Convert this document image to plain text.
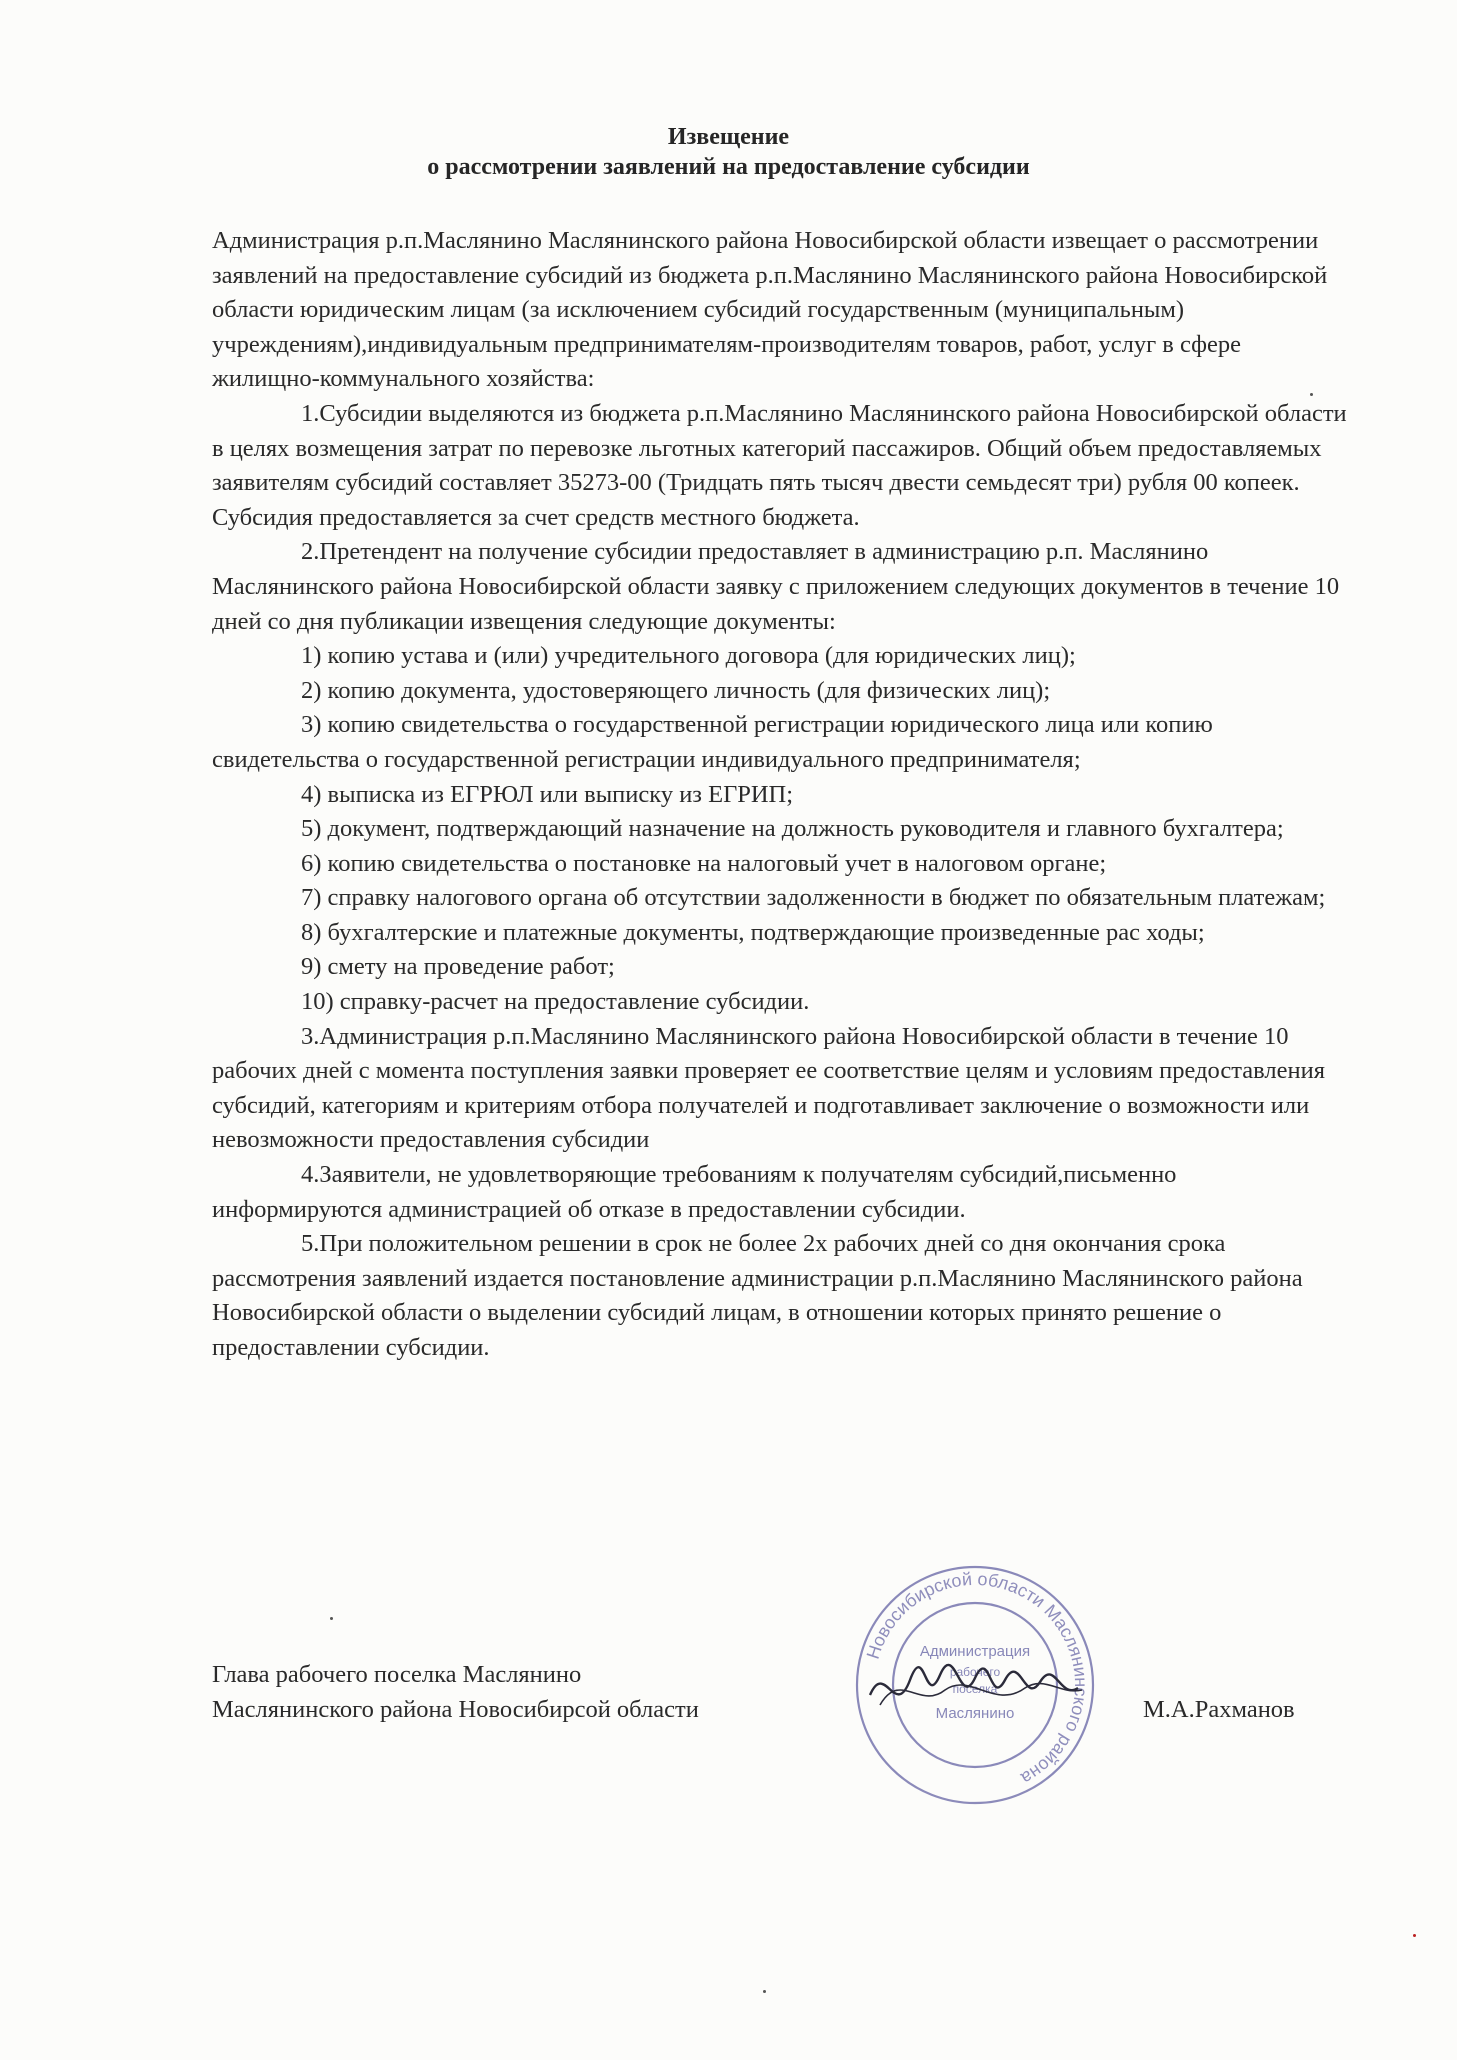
Извещение
о рассмотрении заявлений на предоставление субсидии

Администрация р.п.Маслянино Маслянинского района Новосибирской области извещает о рассмотрении заявлений на предоставление субсидий из бюджета р.п.Маслянино Маслянинского района Новосибирской области юридическим лицам (за исключением субсидий государственным (муниципальным) учреждениям),индивидуальным предпринимателям-производителям товаров, работ, услуг в сфере жилищно-коммунального хозяйства:

1.Субсидии выделяются из бюджета р.п.Маслянино Маслянинского района Новосибирской области в целях возмещения затрат по перевозке льготных категорий пассажиров. Общий объем предоставляемых заявителям субсидий составляет 35273-00 (Тридцать пять тысяч двести семьдесят три) рубля 00 копеек. Субсидия предоставляется за счет средств местного бюджета.

2.Претендент на получение субсидии предоставляет в администрацию р.п. Маслянино Маслянинского района Новосибирской области заявку с приложением следующих документов в течение 10 дней со дня публикации извещения следующие документы:

1) копию устава и (или) учредительного договора (для юридических лиц);

2) копию документа, удостоверяющего личность (для физических лиц);

3) копию свидетельства о государственной регистрации юридического лица или копию свидетельства о государственной регистрации индивидуального предпринимателя;

4) выписка из ЕГРЮЛ или выписку из ЕГРИП;

5) документ, подтверждающий назначение на должность руководителя и главного бухгалтера;

6) копию свидетельства о постановке на налоговый учет в налоговом органе;

7) справку налогового органа об отсутствии задолженности в бюджет по обязательным платежам;

8) бухгалтерские и платежные документы, подтверждающие произведенные рас ходы;

9) смету на проведение работ;

10) справку-расчет на предоставление субсидии.

3.Администрация р.п.Маслянино Маслянинского района Новосибирской области в течение 10 рабочих дней с момента поступления заявки проверяет ее соответствие целям и условиям предоставления субсидий, категориям и критериям отбора получателей и подготавливает заключение о возможности или невозможности предоставления субсидии

4.Заявители, не удовлетворяющие требованиям к получателям субсидий,письменно информируются администрацией об отказе в предоставлении субсидии.

5.При положительном решении в срок не более 2х рабочих дней со дня окончания срока рассмотрения заявлений издается постановление администрации р.п.Маслянино Маслянинского района Новосибирской области о выделении субсидий лицам, в отношении которых принято решение о предоставлении субсидии.

Глава рабочего поселка Маслянино
Маслянинского района Новосибирсой области	М.А.Рахманов
Новосибирской области Маслянинского района
Администрация
рабочего
поселка
Маслянино
